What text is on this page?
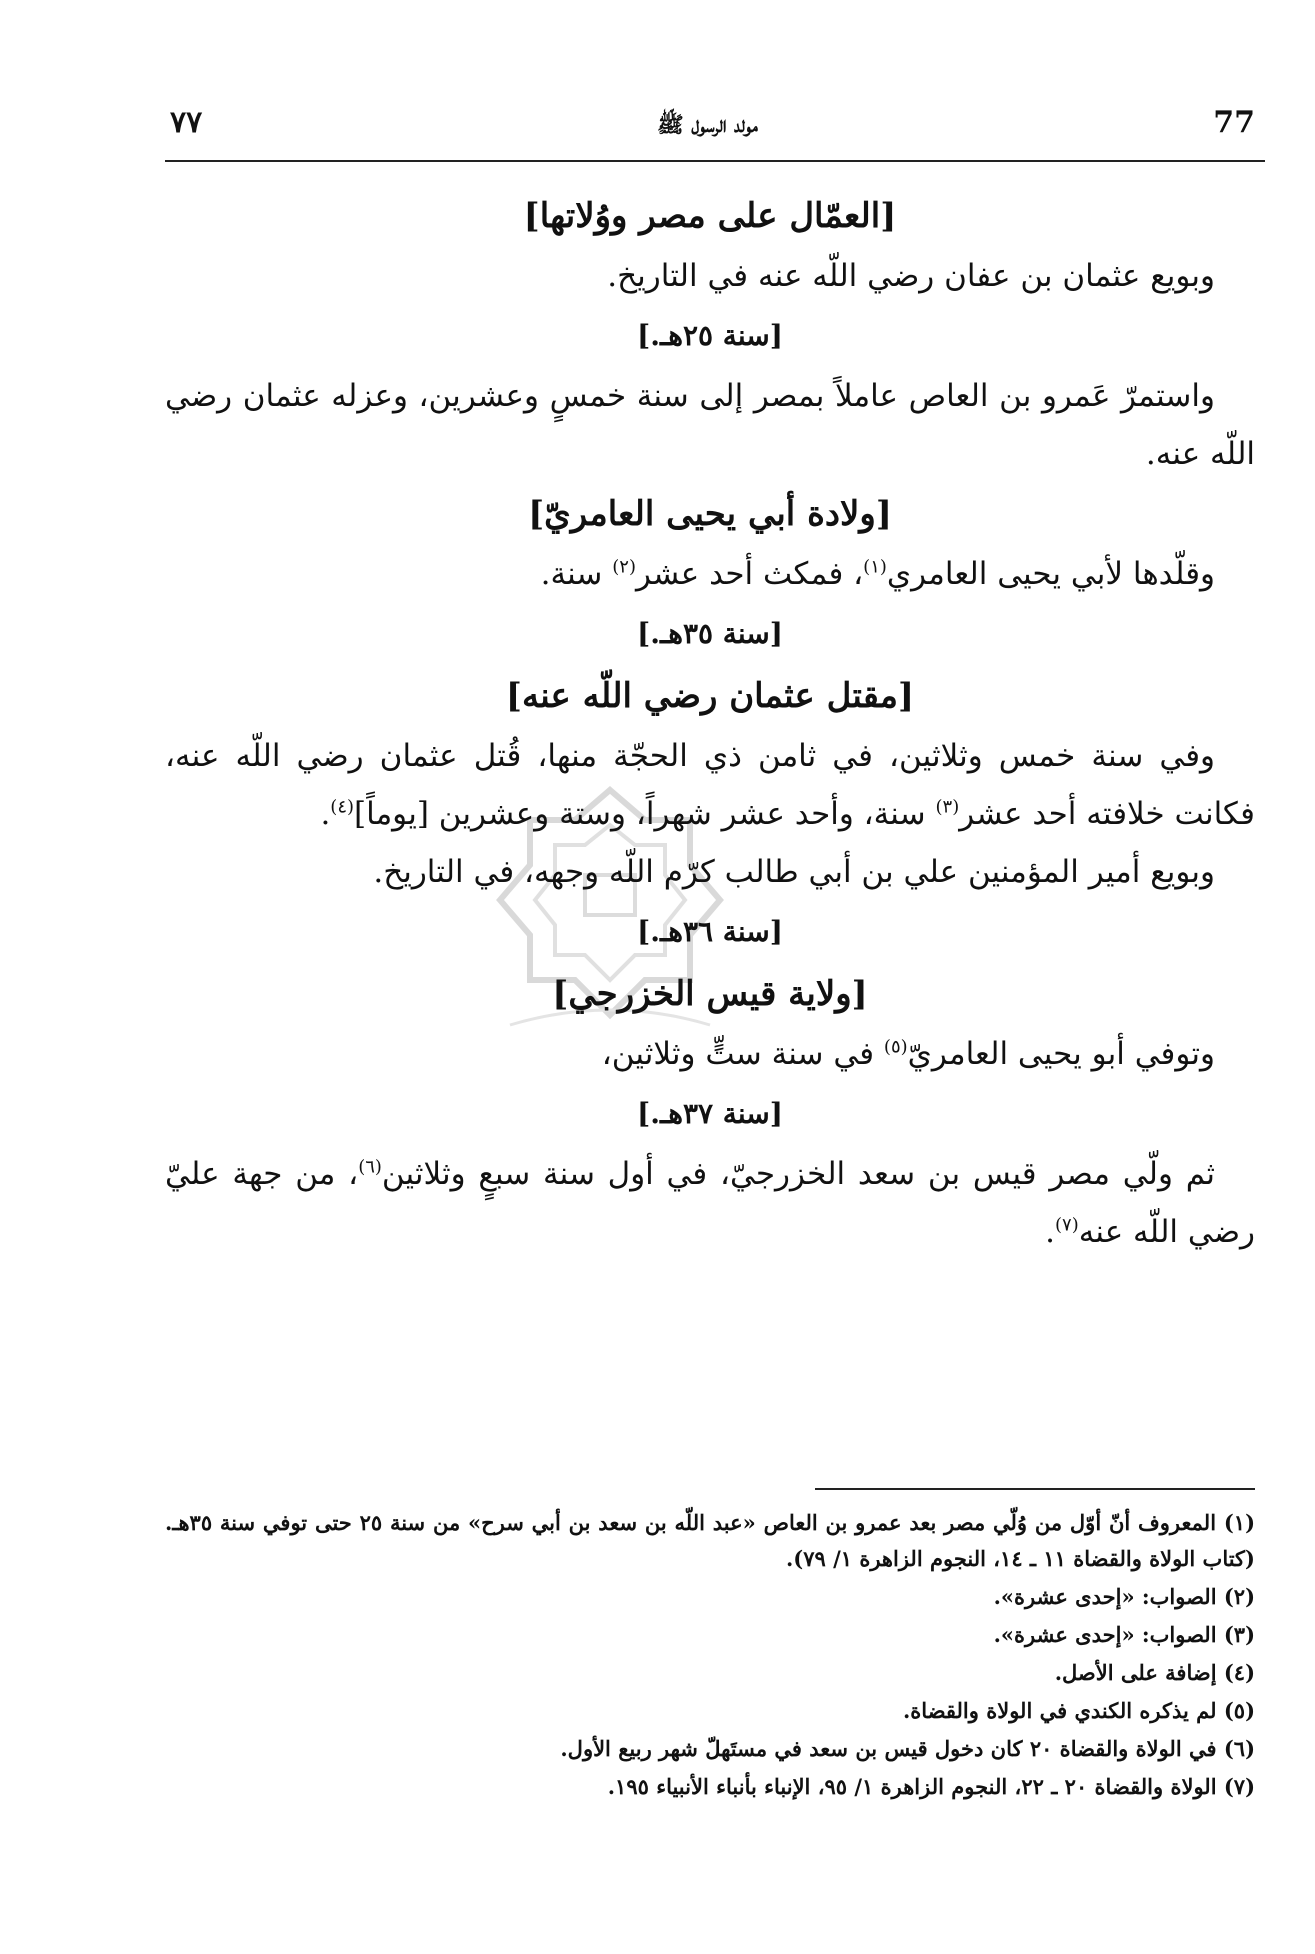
77
مولد الرسول ﷺ
٧٧
[العمّال على مصر ووُلاتها]

وبويع عثمان بن عفان رضي اللّه عنه في التاريخ.

[سنة ٢٥هـ.]

واستمرّ عَمرو بن العاص عاملاً بمصر إلى سنة خمسٍ وعشرين، وعزله عثمان رضي اللّه عنه.

[ولادة أبي يحيى العامريّ]

وقلّدها لأبي يحيى العامري$^{(١)}$، فمكث أحد عشر$^{(٢)}$ سنة.

[سنة ٣٥هـ.]
[مقتل عثمان رضي اللّه عنه]

وفي سنة خمس وثلاثين، في ثامن ذي الحجّة منها، قُتل عثمان رضي اللّه عنه، فكانت خلافته أحد عشر$^{(٣)}$ سنة، وأحد عشر شهراً، وستة وعشرين [يوماً]$^{(٤)}$.

وبويع أمير المؤمنين علي بن أبي طالب كرّم اللّه وجهه، في التاريخ.

[سنة ٣٦هـ.]
[ولاية قيس الخزرجي]

وتوفي أبو يحيى العامريّ$^{(٥)}$ في سنة ستٍّ وثلاثين،

[سنة ٣٧هـ.]

ثم ولّي مصر قيس بن سعد الخزرجيّ، في أول سنة سبعٍ وثلاثين$^{(٦)}$، من جهة عليّ رضي اللّه عنه$^{(٧)}$.

(١) المعروف أنّ أوّل من وُلّي مصر بعد عمرو بن العاص «عبد اللّه بن سعد بن أبي سرح» من سنة ٢٥ حتى توفي سنة ٣٥هـ. (كتاب الولاة والقضاة ١١ ـ ١٤، النجوم الزاهرة ١/ ٧٩).

(٢) الصواب: «إحدى عشرة».

(٣) الصواب: «إحدى عشرة».

(٤) إضافة على الأصل.

(٥) لم يذكره الكندي في الولاة والقضاة.

(٦) في الولاة والقضاة ٢٠ كان دخول قيس بن سعد في مستَهلّ شهر ربيع الأول.

(٧) الولاة والقضاة ٢٠ ـ ٢٢، النجوم الزاهرة ١/ ٩٥، الإنباء بأنباء الأنبياء ١٩٥.
